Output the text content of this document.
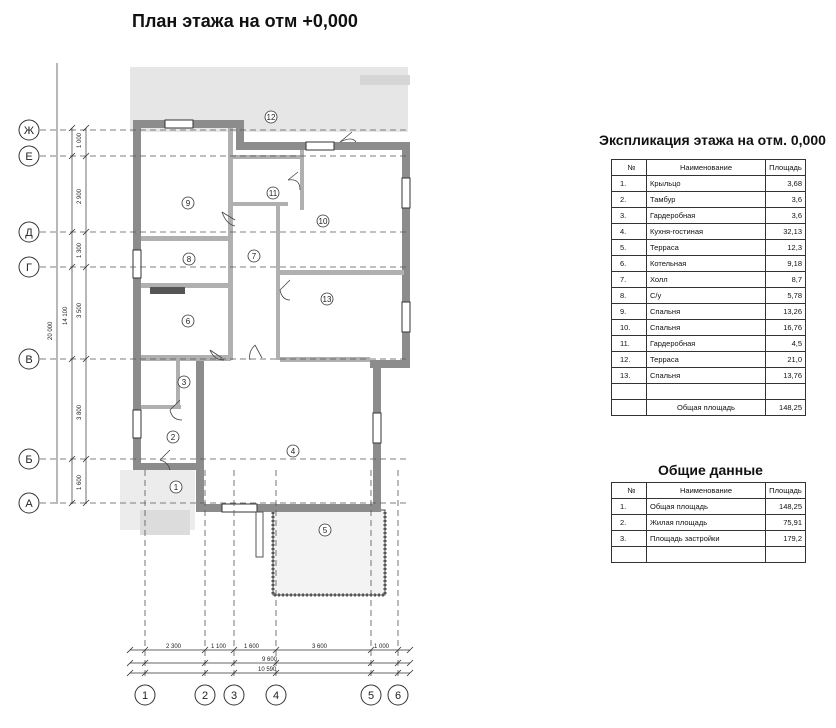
План этажа на отм +0,000
1 000
2 900
1 300
3 500
3 800
1 600
14 100
20 000
2 300	1 100	1 600	3 600	1 000
9 600
10 590
Ж
Е
Д
Г
В
Б
А
1	2 3	4	5 6
1
2
3
4
5
6
7
8
9
10
11
12
13
Экспликация этажа на отм. 0,000
№	Наименование	Площадь
1.	Крыльцо	3,68
2.	Тамбур	3,6
3.	Гардеробная	3,6
4.	Кухня-гостиная	32,13
5.	Терраса	12,3
6.	Котельная	9,18
7.	Холл	8,7
8.	С/у	5,78
9.	Спальня	13,26
10.	Спальня	16,76
11.	Гардеробная	4,5
12.	Терраса	21,0
13.	Спальня	13,76

	Общая площадь	148,25
Общие данные
№	Наименование	Площадь
1.	Общая площадь	148,25
2.	Жилая площадь	75,91
3.	Площадь застройки	179,2
